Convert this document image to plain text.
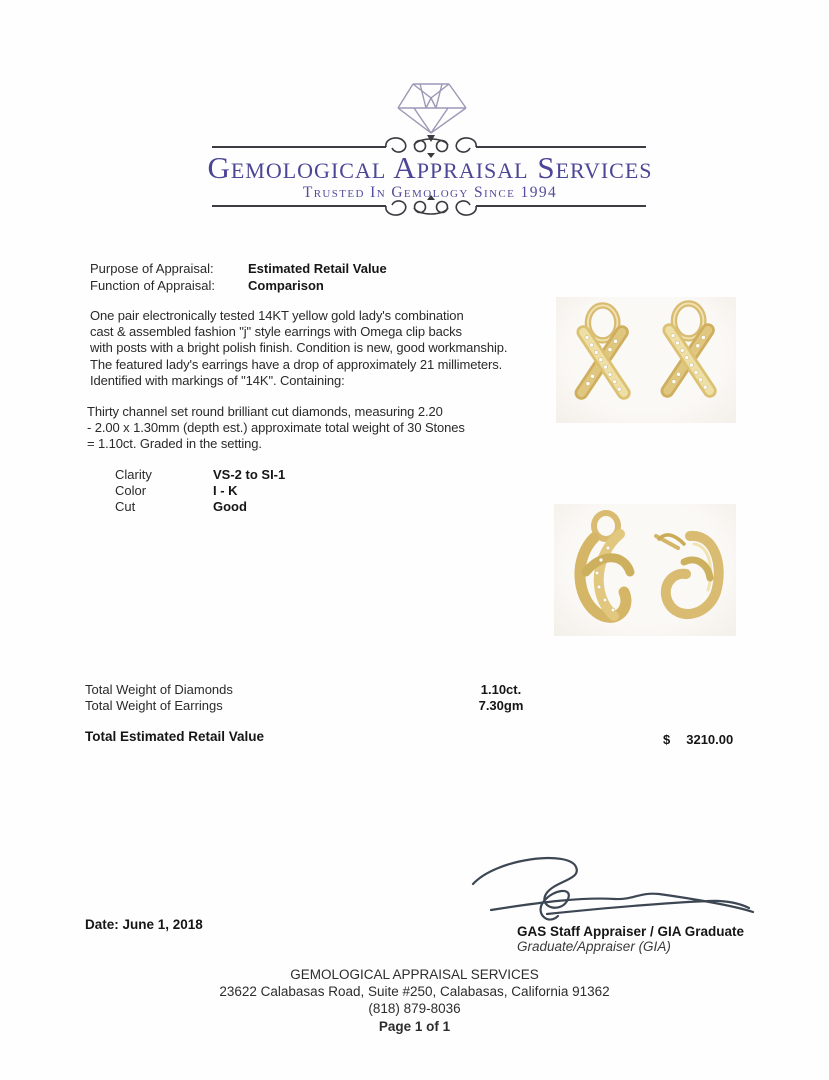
Gemological Appraisal Services
Trusted In Gemology Since 1994
Purpose of Appraisal:	Estimated Retail Value
Function of Appraisal:	Comparison
One pair electronically tested 14KT yellow gold lady's combination
cast & assembled fashion "j" style earrings with Omega clip backs
with posts with a bright polish finish. Condition is new, good workmanship.
The featured lady's earrings have a drop of approximately 21 millimeters.
Identified with markings of "14K". Containing:
Thirty channel set round brilliant cut diamonds, measuring 2.20
- 2.00 x 1.30mm (depth est.) approximate total weight of 30 Stones
= 1.10ct. Graded in the setting.
Clarity	VS-2 to SI-1
Color	I - K
Cut	Good
Total Weight of Diamonds	1.10ct.
Total Weight of Earrings	7.30gm
Total Estimated Retail Value	$ 3210.00
Date: June 1, 2018	GAS Staff Appraiser / GIA Graduate
Graduate/Appraiser (GIA)
GEMOLOGICAL APPRAISAL SERVICES
23622 Calabasas Road, Suite #250, Calabasas, California 91362
(818) 879-8036
Page 1 of 1
